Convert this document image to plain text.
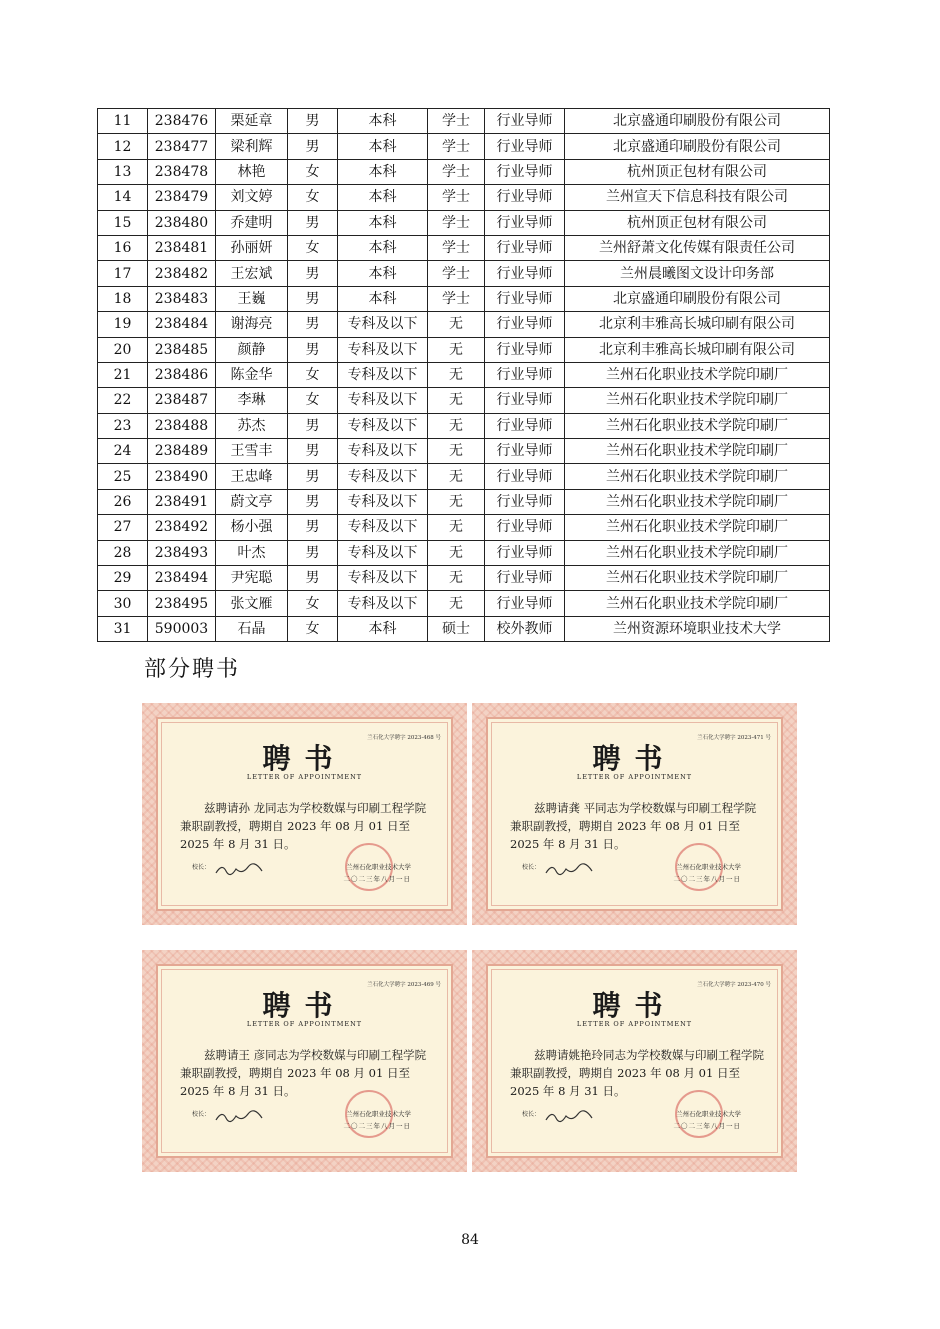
11	238476	栗延章	男	本科	学士	行业导师	北京盛通印刷股份有限公司
12	238477	梁利辉	男	本科	学士	行业导师	北京盛通印刷股份有限公司
13	238478	林艳	女	本科	学士	行业导师	杭州顶正包材有限公司
14	238479	刘文婷	女	本科	学士	行业导师	兰州宣天下信息科技有限公司
15	238480	乔建明	男	本科	学士	行业导师	杭州顶正包材有限公司
16	238481	孙丽妍	女	本科	学士	行业导师	兰州舒萧文化传媒有限责任公司
17	238482	王宏斌	男	本科	学士	行业导师	兰州晨曦图文设计印务部
18	238483	王巍	男	本科	学士	行业导师	北京盛通印刷股份有限公司
19	238484	谢海亮	男	专科及以下	无	行业导师	北京利丰雅高长城印刷有限公司
20	238485	颜静	男	专科及以下	无	行业导师	北京利丰雅高长城印刷有限公司
21	238486	陈金华	女	专科及以下	无	行业导师	兰州石化职业技术学院印刷厂
22	238487	李琳	女	专科及以下	无	行业导师	兰州石化职业技术学院印刷厂
23	238488	苏杰	男	专科及以下	无	行业导师	兰州石化职业技术学院印刷厂
24	238489	王雪丰	男	专科及以下	无	行业导师	兰州石化职业技术学院印刷厂
25	238490	王忠峰	男	专科及以下	无	行业导师	兰州石化职业技术学院印刷厂
26	238491	蔚文亭	男	专科及以下	无	行业导师	兰州石化职业技术学院印刷厂
27	238492	杨小强	男	专科及以下	无	行业导师	兰州石化职业技术学院印刷厂
28	238493	叶杰	男	专科及以下	无	行业导师	兰州石化职业技术学院印刷厂
29	238494	尹宪聪	男	专科及以下	无	行业导师	兰州石化职业技术学院印刷厂
30	238495	张文雁	女	专科及以下	无	行业导师	兰州石化职业技术学院印刷厂
31	590003	石晶	女	本科	硕士	校外教师	兰州资源环境职业技术大学
部分聘书
兰石化大学聘字 2023-468 号
聘书
LETTER OF APPOINTMENT
兹聘请孙 龙同志为学校数媒与印刷工程学院兼职副教授，聘期自 2023 年 08 月 01 日至 2025 年 8 月 31 日。
校长：	兰州石化职业技术大学
二〇二三年八月一日
兰石化大学聘字 2023-471 号
聘书
LETTER OF APPOINTMENT
兹聘请龚 平同志为学校数媒与印刷工程学院兼职副教授，聘期自 2023 年 08 月 01 日至 2025 年 8 月 31 日。
校长：	兰州石化职业技术大学
二〇二三年八月一日
兰石化大学聘字 2023-469 号
聘书
LETTER OF APPOINTMENT
兹聘请王 彦同志为学校数媒与印刷工程学院兼职副教授，聘期自 2023 年 08 月 01 日至 2025 年 8 月 31 日。
校长：	兰州石化职业技术大学
二〇二三年八月一日
兰石化大学聘字 2023-470 号
聘书
LETTER OF APPOINTMENT
兹聘请姚艳玲同志为学校数媒与印刷工程学院兼职副教授，聘期自 2023 年 08 月 01 日至 2025 年 8 月 31 日。
校长：	兰州石化职业技术大学
二〇二三年八月一日
84
